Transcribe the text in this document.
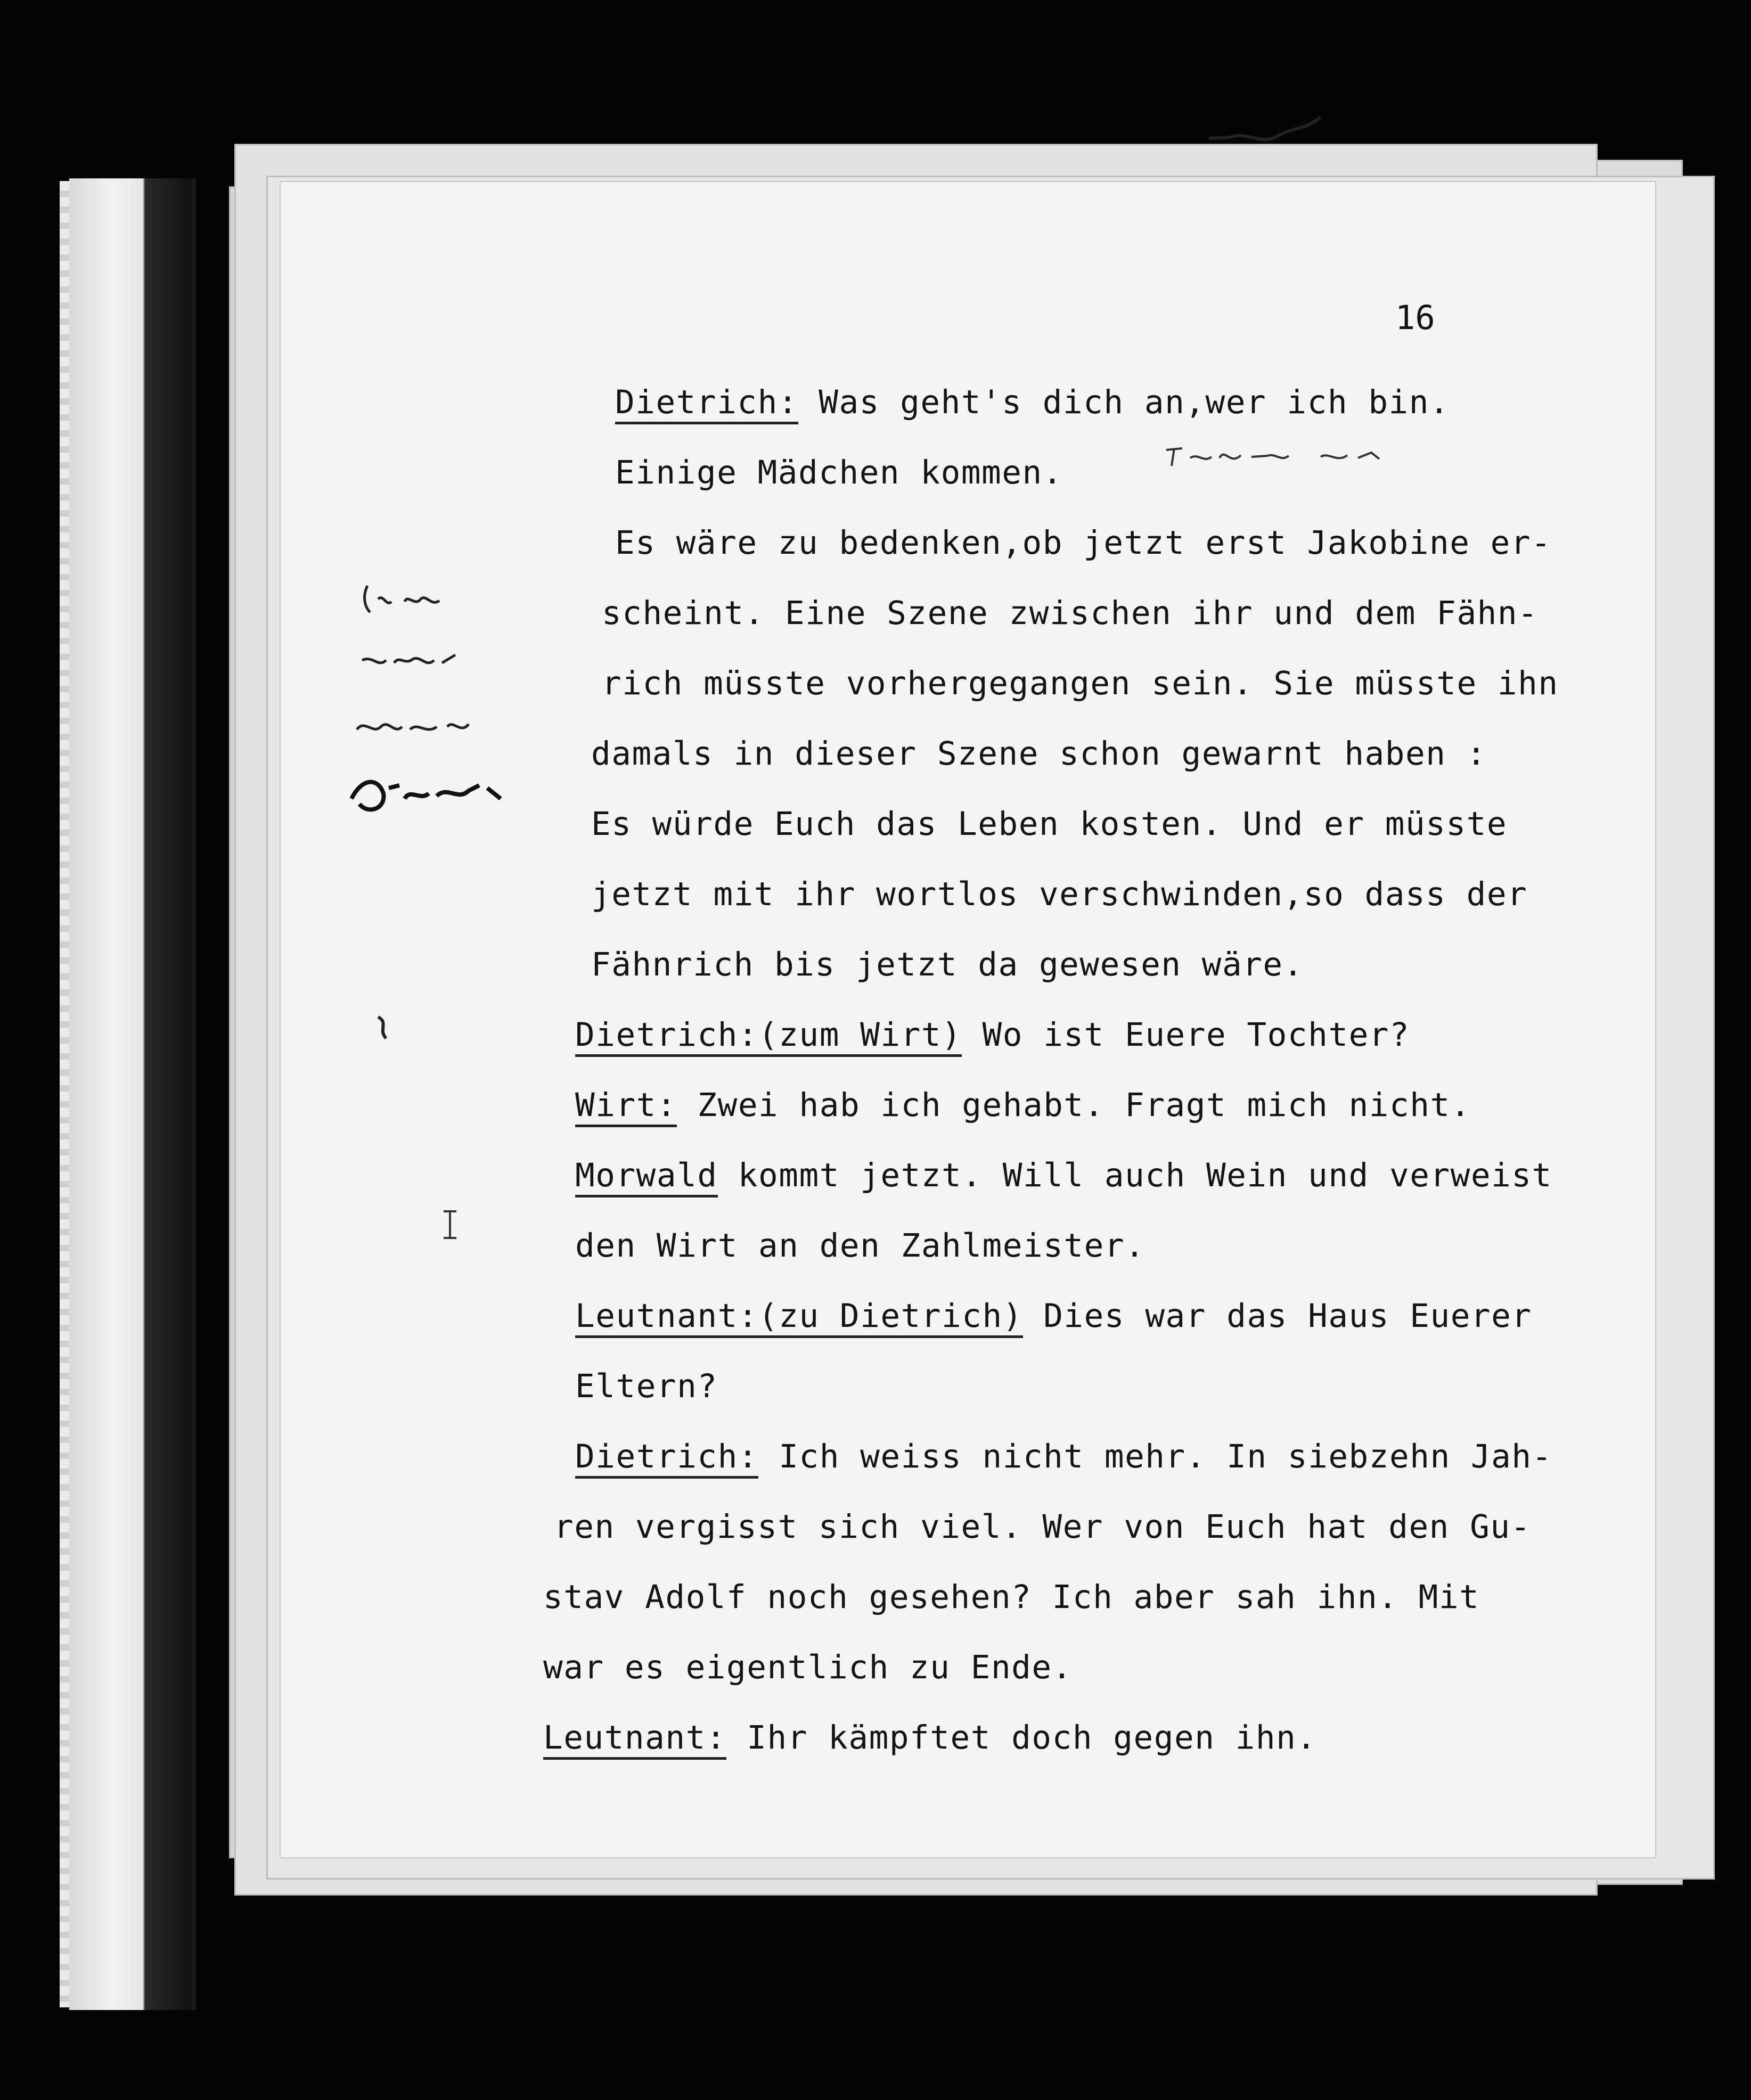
16
Dietrich: Was geht's dich an,wer ich bin.
Einige Mädchen kommen.
Es wäre zu bedenken,ob jetzt erst Jakobine er-
scheint. Eine Szene zwischen ihr und dem Fähn-
rich müsste vorhergegangen sein. Sie müsste ihn
damals in dieser Szene schon gewarnt haben :
Es würde Euch das Leben kosten. Und er müsste
jetzt mit ihr wortlos verschwinden,so dass der
Fähnrich bis jetzt da gewesen wäre.
Dietrich:(zum Wirt) Wo ist Euere Tochter?
Wirt: Zwei hab ich gehabt. Fragt mich nicht.
Morwald kommt jetzt. Will auch Wein und verweist
den Wirt an den Zahlmeister.
Leutnant:(zu Dietrich) Dies war das Haus Euerer
Eltern?
Dietrich: Ich weiss nicht mehr. In siebzehn Jah-
ren vergisst sich viel. Wer von Euch hat den Gu-
stav Adolf noch gesehen? Ich aber sah ihn. Mit
war es eigentlich zu Ende.
Leutnant: Ihr kämpftet doch gegen ihn.
